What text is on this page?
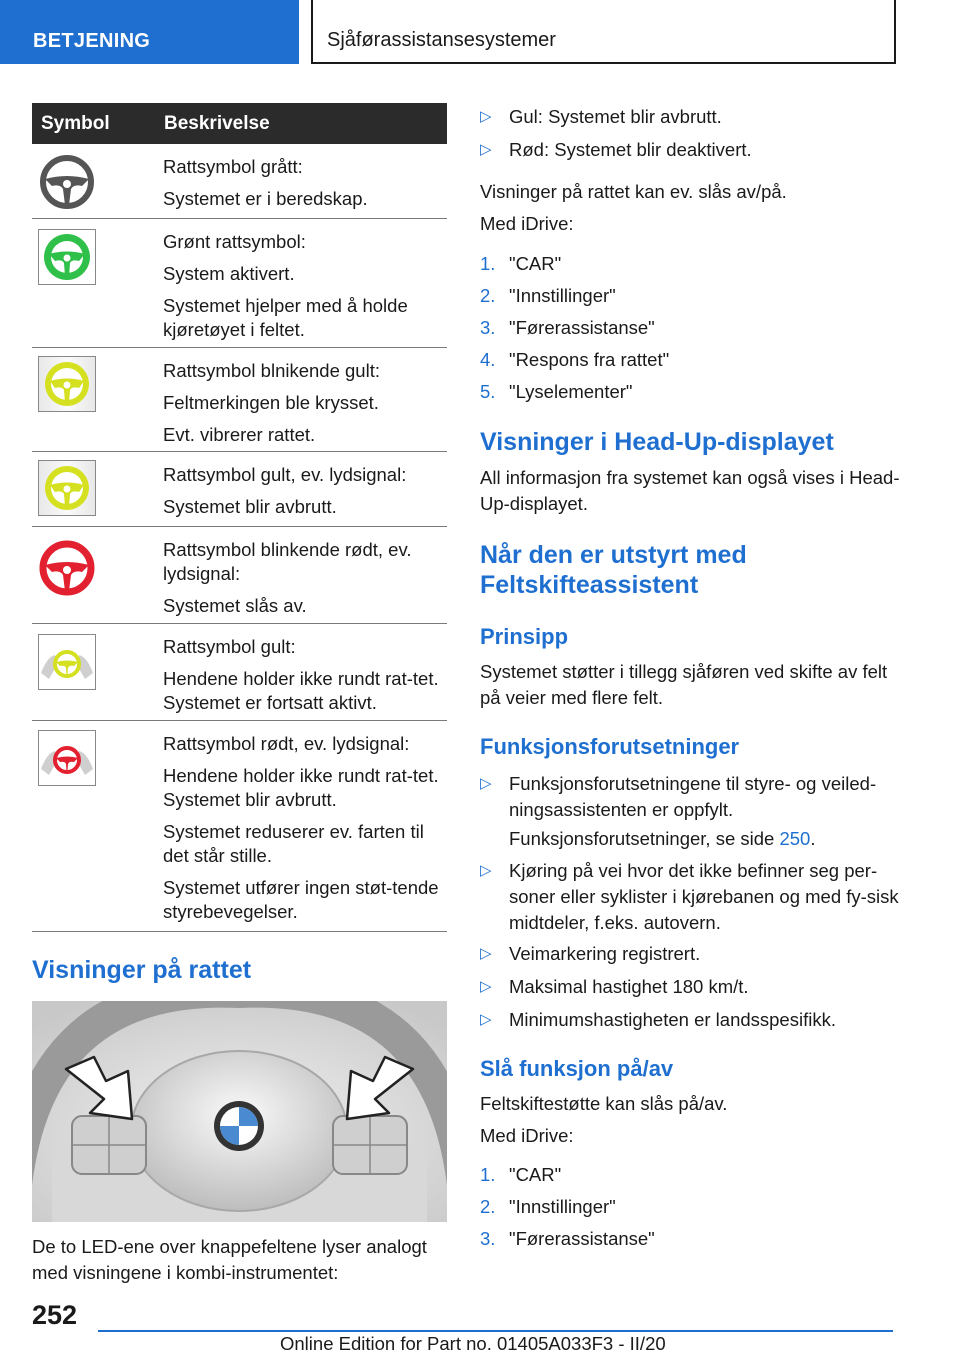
BETJENING	Sjåførassistansesystemer
Symbol	Beskrivelse

Rattsymbol grått:

Systemet er i beredskap.

Grønt rattsymbol:

System aktivert.

Systemet hjelper med å holde kjøretøyet i feltet.

Rattsymbol blnikende gult:

Feltmerkingen ble krysset.

Evt. vibrerer rattet.

Rattsymbol gult, ev. lydsignal:

Systemet blir avbrutt.

Rattsymbol blinkende rødt, ev. lydsignal:

Systemet slås av.

Rattsymbol gult:

Hendene holder ikke rundt rat-tet. Systemet er fortsatt aktivt.

Rattsymbol rødt, ev. lydsignal:

Hendene holder ikke rundt rat-tet. Systemet blir avbrutt.

Systemet reduserer ev. farten til det står stille.

Systemet utfører ingen støt-tende styrebevegelser.

Visninger på rattet
De to LED-ene over knappefeltene lyser analogt med visningene i kombi-instrumentet:
▷ Gul: Systemet blir avbrutt.
▷ Rød: Systemet blir deaktivert.
Visninger på rattet kan ev. slås av/på.
Med iDrive:
1. "CAR"
2. "Innstillinger"
3. "Førerassistanse"
4. "Respons fra rattet"
5. "Lyselementer"
Visninger i Head-Up-displayet
All informasjon fra systemet kan også vises i Head-Up-displayet.
Når den er utstyrt med
Feltskifteassistent
Prinsipp
Systemet støtter i tillegg sjåføren ved skifte av felt på veier med flere felt.
Funksjonsforutsetninger
▷ Funksjonsforutsetningene til styre- og veiled-ningsassistenten er oppfylt.
Funksjonsforutsetninger, se side 250.
▷ Kjøring på vei hvor det ikke befinner seg per-soner eller syklister i kjørebanen og med fy-sisk midtdeler, f.eks. autovern.
▷ Veimarkering registrert.
▷ Maksimal hastighet 180 km/t.
▷ Minimumshastigheten er landsspesifikk.
Slå funksjon på/av
Feltskiftestøtte kan slås på/av.
Med iDrive:
1. "CAR"
2. "Innstillinger"
3. "Førerassistanse"
252
Online Edition for Part no. 01405A033F3 - II/20
